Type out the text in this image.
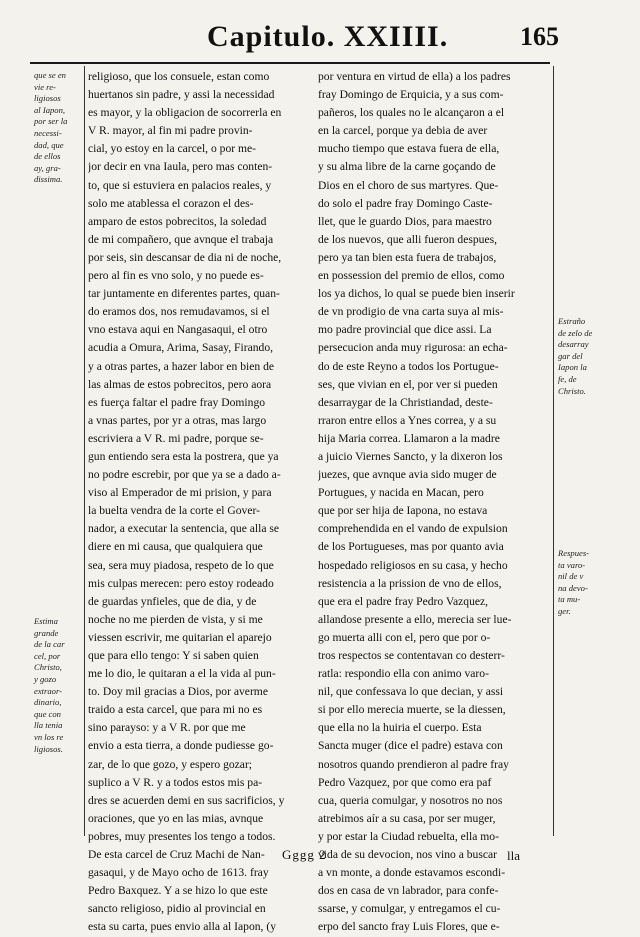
Capitulo. XXIIII.	165
que se en
vie re-
ligiosos
al Iapon,
por ser la
necessi-
dad, que
de ellos
ay, gra-
dissima.
Estima
grande
de la car
cel, por
Christo,
y gozo
extraor-
dinario,
que con
lla tenia
vn los re
ligiosos.
Estraño
de zelo de
desarray
gar del
Iapon la
fe, de
Christo.
Respues-
ta varo-
nil de v
na devo-
ta mu-
ger.
religioso, que los consuele, estan como
huertanos sin padre, y assi la necessidad
es mayor, y la obligacion de socorrerla en
V R. mayor, al fin mi padre provin-
cial, yo estoy en la carcel, o por me-
jor decir en vna Iaula, pero mas conten-
to, que si estuviera en palacios reales, y
solo me atablessa el corazon el des-
amparo de estos pobrecitos, la soledad
de mi compañero, que avnque el trabaja
por seis, sin descansar de dia ni de noche,
pero al fin es vno solo, y no puede es-
tar juntamente en diferentes partes, quan-
do eramos dos, nos remudavamos, si el
vno estava aqui en Nangasaqui, el otro
acudia a Omura, Arima, Sasay, Firando,
y a otras partes, a hazer labor en bien de
las almas de estos pobrecitos, pero aora
es fuerça faltar el padre fray Domingo
a vnas partes, por yr a otras, mas largo
escriviera a V R. mi padre, porque se-
gun entiendo sera esta la postrera, que ya
no podre escrebir, por que ya se a dado a-
viso al Emperador de mi prision, y para
la buelta vendra de la corte el Gover-
nador, a executar la sentencia, que alla se
diere en mi causa, que qualquiera que
sea, sera muy piadosa, respeto de lo que
mis culpas merecen: pero estoy rodeado
de guardas ynfieles, que de dia, y de
noche no me pierden de vista, y si me
viessen escrivir, me quitarian el aparejo
que para ello tengo: Y si saben quien
me lo dio, le quitaran a el la vida al pun-
to. Doy mil gracias a Dios, por averme
traido a esta carcel, que para mi no es
sino parayso: y a V R. por que me
envio a esta tierra, a donde pudiesse go-
zar, de lo que gozo, y espero gozar;
suplico a V R. y a todos estos mis pa-
dres se acuerden demi en sus sacrificios, y
oraciones, que yo en las mias, avnque
pobres, muy presentes los tengo a todos.
De esta carcel de Cruz Machi de Nan-
gasaqui, y de Mayo ocho de 1613. fray
Pedro Baxquez. Y a se hizo lo que este
sancto religioso, pidio al provincial en
esta su carta, pues envio alla al Iapon, (y
por ventura en virtud de ella) a los padres
fray Domingo de Erquicia, y a sus com-
pañeros, los quales no le alcançaron a el
en la carcel, porque ya debia de aver
mucho tiempo que estava fuera de ella,
y su alma libre de la carne goçando de
Dios en el choro de sus martyres. Que-
do solo el padre fray Domingo Caste-
llet, que le guardo Dios, para maestro
de los nuevos, que alli fueron despues,
pero ya tan bien esta fuera de trabajos,
en possession del premio de ellos, como
los ya dichos, lo qual se puede bien inserir
de vn prodigio de vna carta suya al mis-
mo padre provincial que dice assi. La
persecucion anda muy rigurosa: an echa-
do de este Reyno a todos los Portugue-
ses, que vivian en el, por ver si pueden
desarraygar de la Christiandad, deste-
rraron entre ellos a Ynes correa, y a su
hija Maria correa. Llamaron a la madre
a juicio Viernes Sancto, y la dixeron los
juezes, que avnque avia sido muger de
Portugues, y nacida en Macan, pero
que por ser hija de Iapona, no estava
comprehendida en el vando de expulsion
de los Portugueses, mas por quanto avia
hospedado religiosos en su casa, y hecho
resistencia a la prission de vno de ellos,
que era el padre fray Pedro Vazquez,
allandose presente a ello, merecia ser lue-
go muerta alli con el, pero que por o-
tros respectos se contentavan co desterr-
ratla: respondio ella con animo varo-
nil, que confessava lo que decian, y assi
si por ello merecia muerte, se la diessen,
que ella no la huiria el cuerpo. Esta
Sancta muger (dice el padre) estava con
nosotros quando prendieron al padre fray
Pedro Vazquez, por que como era paf
cua, queria comulgar, y nosotros no nos
atrebimos aír a su casa, por ser muger,
y por estar la Ciudad rebuelta, ella mo-
vida de su devocion, nos vino a buscar
a vn monte, a donde estavamos escondi-
dos en casa de vn labrador, para confe-
ssarse, y comulgar, y entregamos el cu-
erpo del sancto fray Luis Flores, que e-
Gggg 2	lla
